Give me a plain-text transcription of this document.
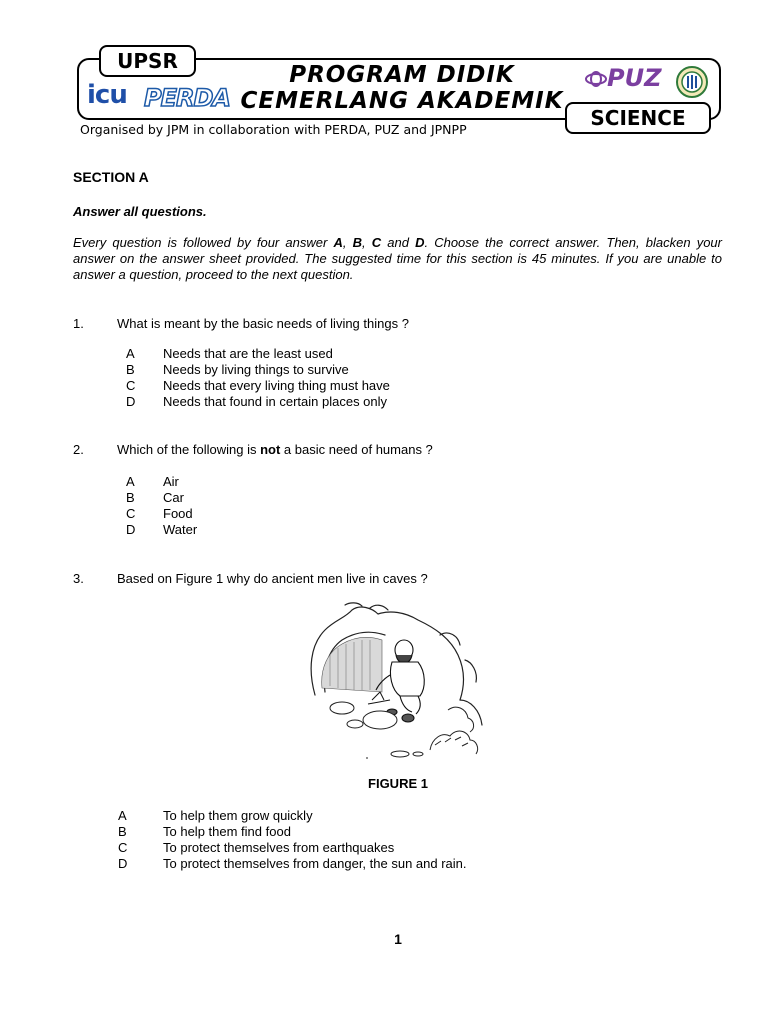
UPSR
SCIENCE
PROGRAM DIDIK
CEMERLANG AKADEMIK
icu PERDA
PUZ
Organised by JPM in collaboration with PERDA, PUZ and JPNPP
SECTION A
Answer all questions.
Every question is followed by four answer A, B, C and D. Choose the correct answer. Then, blacken your answer on the answer sheet provided. The suggested time for this section is 45 minutes. If you are unable to answer a question, proceed to the next question.
1.	What is meant by the basic needs of living things ?
A Needs that are the least used
B Needs by living things to survive
C Needs that every living thing must have
D Needs that found in certain places only
2.	Which of the following is not a basic need of humans ?
A Air
B Car
C Food
D Water
3.	Based on Figure 1 why do ancient men live in caves ?
FIGURE 1
A	To help them grow quickly
B	To help them find food
C	To protect themselves from earthquakes
D	To protect themselves from danger, the sun and rain.
1
